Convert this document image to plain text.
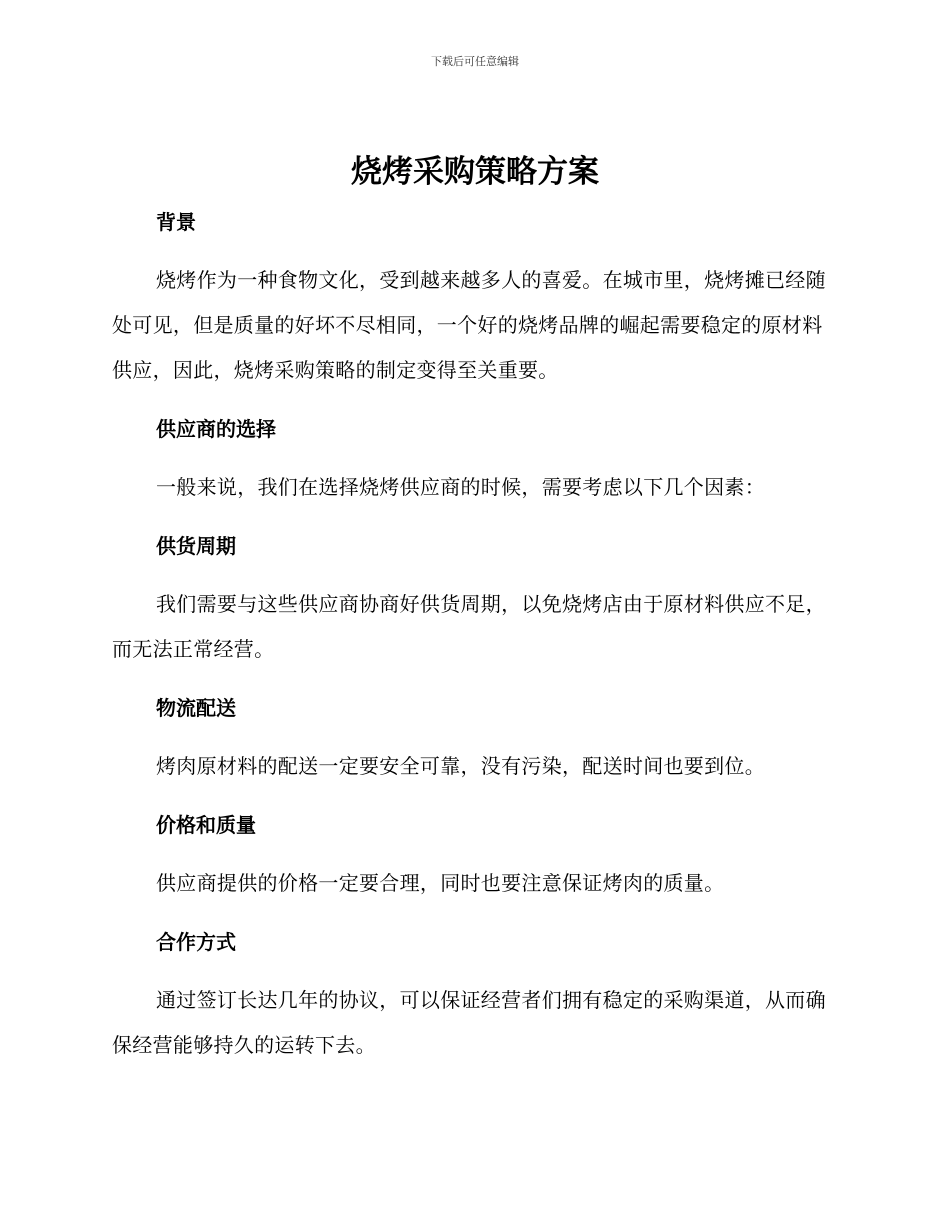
下载后可任意编辑
烧烤采购策略方案
背景

烧烤作为一种食物文化，受到越来越多人的喜爱。在城市里，烧烤摊已经随处可见，但是质量的好坏不尽相同，一个好的烧烤品牌的崛起需要稳定的原材料供应，因此，烧烤采购策略的制定变得至关重要。

供应商的选择

一般来说，我们在选择烧烤供应商的时候，需要考虑以下几个因素：

供货周期

我们需要与这些供应商协商好供货周期，以免烧烤店由于原材料供应不足，而无法正常经营。

物流配送

烤肉原材料的配送一定要安全可靠，没有污染，配送时间也要到位。

价格和质量

供应商提供的价格一定要合理，同时也要注意保证烤肉的质量。

合作方式

通过签订长达几年的协议，可以保证经营者们拥有稳定的采购渠道，从而确保经营能够持久的运转下去。
